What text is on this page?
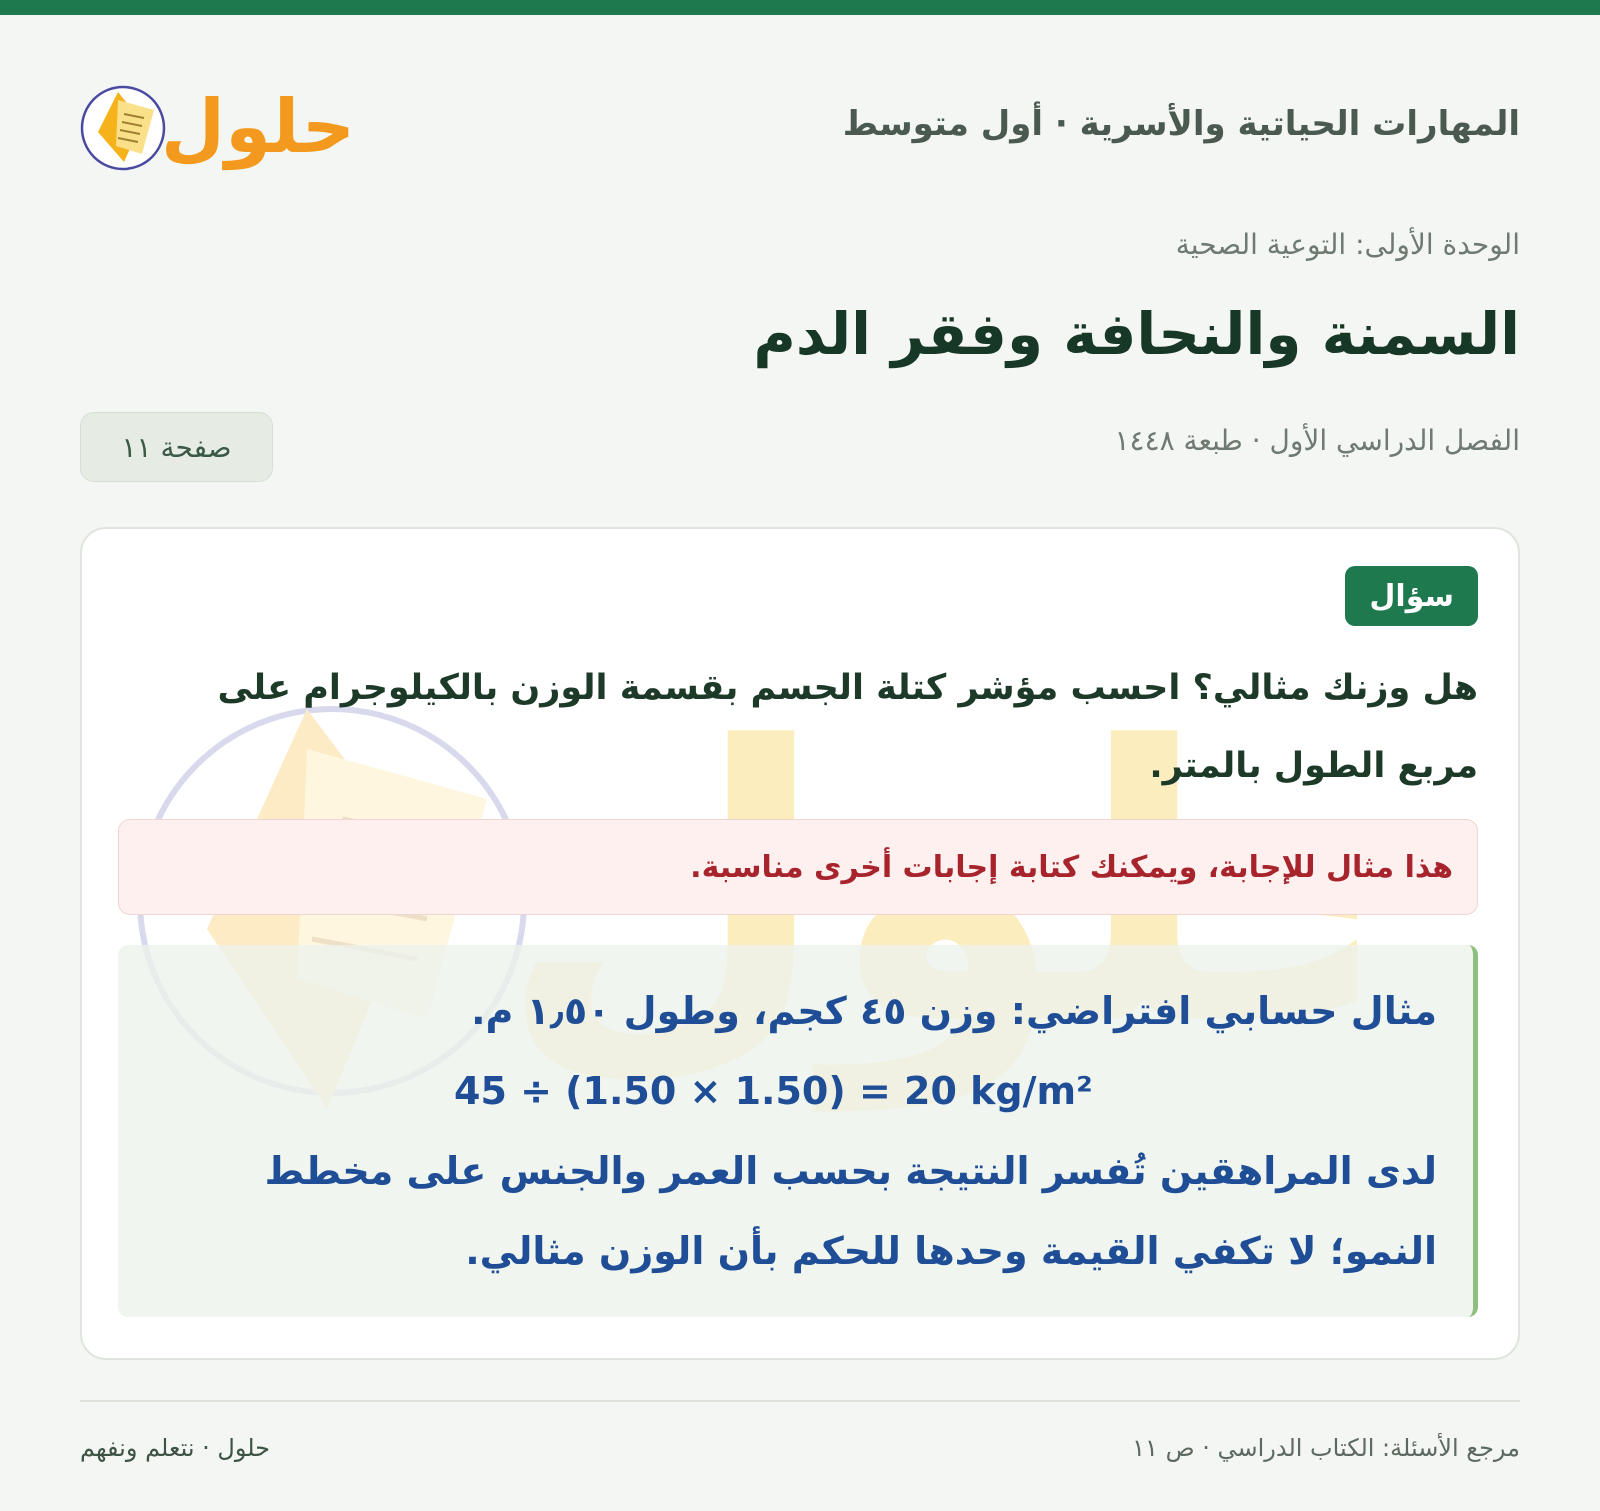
المهارات الحياتية والأسرية · أول متوسط
حلول
الوحدة الأولى: التوعية الصحية
السمنة والنحافة وفقر الدم
الفصل الدراسي الأول · طبعة ١٤٤٨
صفحة ١١
سؤال
هل وزنك مثالي؟ احسب مؤشر كتلة الجسم بقسمة الوزن بالكيلوجرام على مربع الطول بالمتر.
هذا مثال للإجابة، ويمكنك كتابة إجابات أخرى مناسبة.
مثال حسابي افتراضي: وزن ٤٥ كجم، وطول ١٫٥٠ م.
45 ÷ (1.50 × 1.50) = 20 kg/m²
لدى المراهقين تُفسر النتيجة بحسب العمر والجنس على مخطط النمو؛ لا تكفي القيمة وحدها للحكم بأن الوزن مثالي.
مرجع الأسئلة: الكتاب الدراسي · ص ١١
حلول · نتعلم ونفهم
